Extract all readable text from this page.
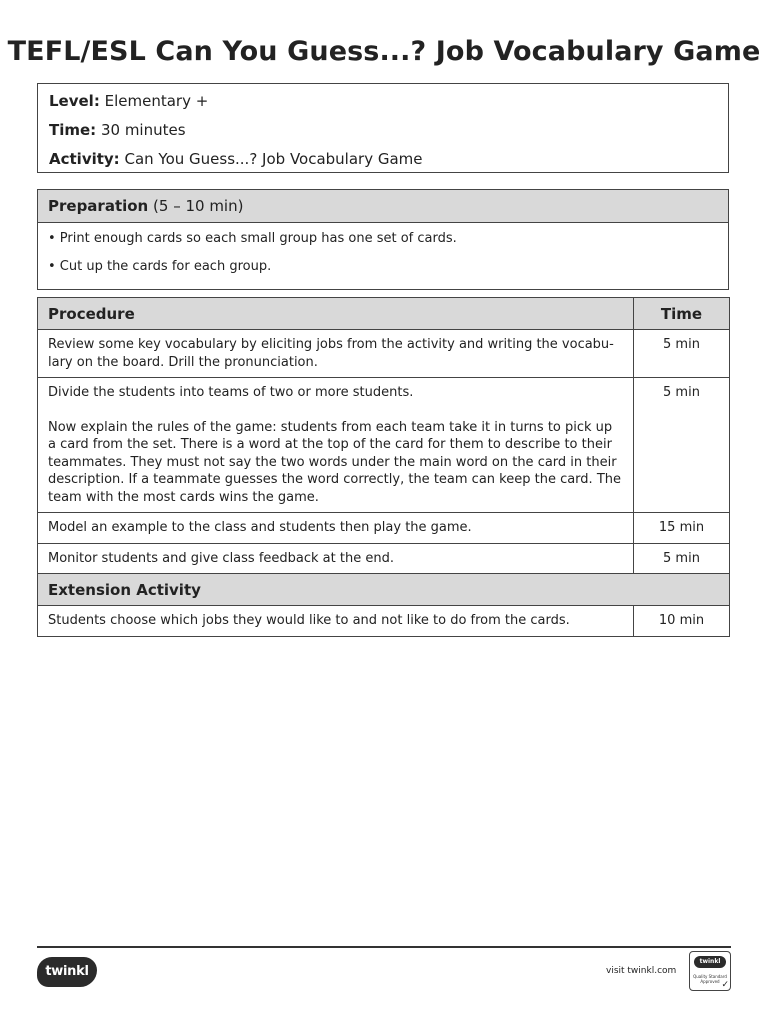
TEFL/ESL Can You Guess...? Job Vocabulary Game
Level: Elementary +
Time: 30 minutes
Activity: Can You Guess...? Job Vocabulary Game
Preparation (5 – 10 min)
• Print enough cards so each small group has one set of cards.
• Cut up the cards for each group.
Procedure	Time
Review some key vocabulary by eliciting jobs from the activity and writing the vocabu-lary on the board. Drill the pronunciation.	5 min

Divide the students into teams of two or more students.

Now explain the rules of the game: students from each team take it in turns to pick up a card from the set. There is a word at the top of the card for them to describe to their teammates. They must not say the two words under the main word on the card in their description. If a teammate guesses the word correctly, the team can keep the card. The team with the most cards wins the game.	5 min
Model an example to the class and students then play the game.	15 min
Monitor students and give class feedback at the end.	5 min
Extension Activity	
Students choose which jobs they would like to and not like to do from the cards.	10 min
twinkl	visit twinkl.com
twinkl
Quality Standard Approved ✓
